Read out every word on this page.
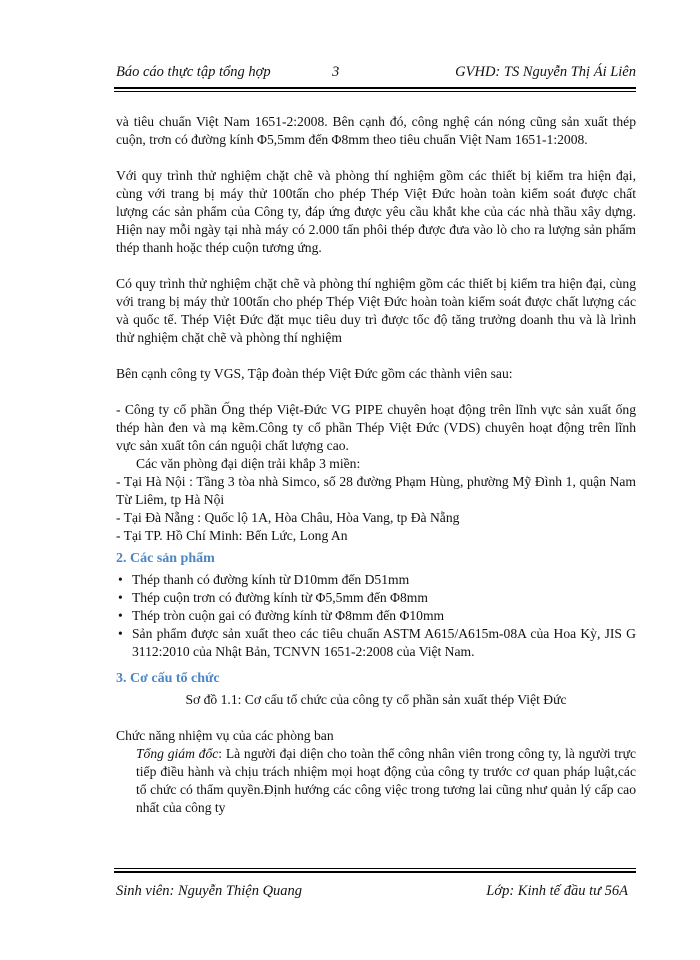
Báo cáo thực tập tổng hợp	3	GVHD: TS Nguyễn Thị Ái Liên

và tiêu chuẩn Việt Nam 1651-2:2008. Bên cạnh đó, công nghệ cán nóng cũng sản xuất thép cuộn, trơn có đường kính Φ5,5mm đến Φ8mm theo tiêu chuẩn Việt Nam 1651-1:2008.

Với quy trình thử nghiệm chặt chẽ và phòng thí nghiệm gồm các thiết bị kiểm tra hiện đại, cùng với trang bị máy thử 100tấn cho phép Thép Việt Đức hoàn toàn kiểm soát được chất lượng các sản phẩm của Công ty, đáp ứng được yêu cầu khắt khe của các nhà thầu xây dựng. Hiện nay mỗi ngày tại nhà máy có 2.000 tấn phôi thép được đưa vào lò cho ra lượng sản phẩm thép thanh hoặc thép cuộn tương ứng.

Có quy trình thử nghiệm chặt chẽ và phòng thí nghiệm gồm các thiết bị kiểm tra hiện đại, cùng với trang bị máy thử 100tấn cho phép Thép Việt Đức hoàn toàn kiểm soát được chất lượng các và quốc tế. Thép Việt Đức đặt mục tiêu duy trì được tốc độ tăng trưởng doanh thu và là lrình thử nghiệm chặt chẽ và phòng thí nghiệm

Bên cạnh công ty VGS, Tập đoàn thép Việt Đức gồm các thành viên sau:

- Công ty cổ phần Ống thép Việt-Đức VG PIPE chuyên hoạt động trên lĩnh vực sản xuất ống thép hàn đen và mạ kẽm.Công ty cổ phần Thép Việt Đức (VDS) chuyên hoạt động trên lĩnh vực sản xuất tôn cán nguội chất lượng cao.

Các văn phòng đại diện trải khắp 3 miền:

- Tại Hà Nội : Tầng 3 tòa nhà Simco, số 28 đường Phạm Hùng, phường Mỹ Đình 1, quận Nam Từ Liêm, tp Hà Nội

- Tại Đà Nẵng : Quốc lộ 1A, Hòa Châu, Hòa Vang, tp Đà Nẵng

- Tại TP. Hồ Chí Minh: Bến Lức, Long An

2. Các sản phẩm
• Thép thanh có đường kính từ D10mm đến D51mm
• Thép cuộn trơn có đường kính từ Φ5,5mm đến Φ8mm
• Thép tròn cuộn gai có đường kính từ Φ8mm đến Φ10mm
• Sản phẩm được sản xuất theo các tiêu chuẩn ASTM A615/A615m-08A của Hoa Kỳ, JIS G 3112:2010 của Nhật Bản, TCNVN 1651-2:2008 của Việt Nam.
3. Cơ cấu tổ chức

Sơ đồ 1.1: Cơ cấu tổ chức của công ty cổ phần sản xuất thép Việt Đức

Chức năng nhiệm vụ của các phòng ban

Tổng giám đốc: Là người đại diện cho toàn thể công nhân viên trong công ty, là người trực tiếp điều hành và chịu trách nhiệm mọi hoạt động của công ty trước cơ quan pháp luật,các tổ chức có thẩm quyền.Định hướng các công việc trong tương lai cũng như quản lý cấp cao nhất của công ty

Sinh viên: Nguyễn Thiện Quang	Lớp: Kinh tế đầu tư 56A
